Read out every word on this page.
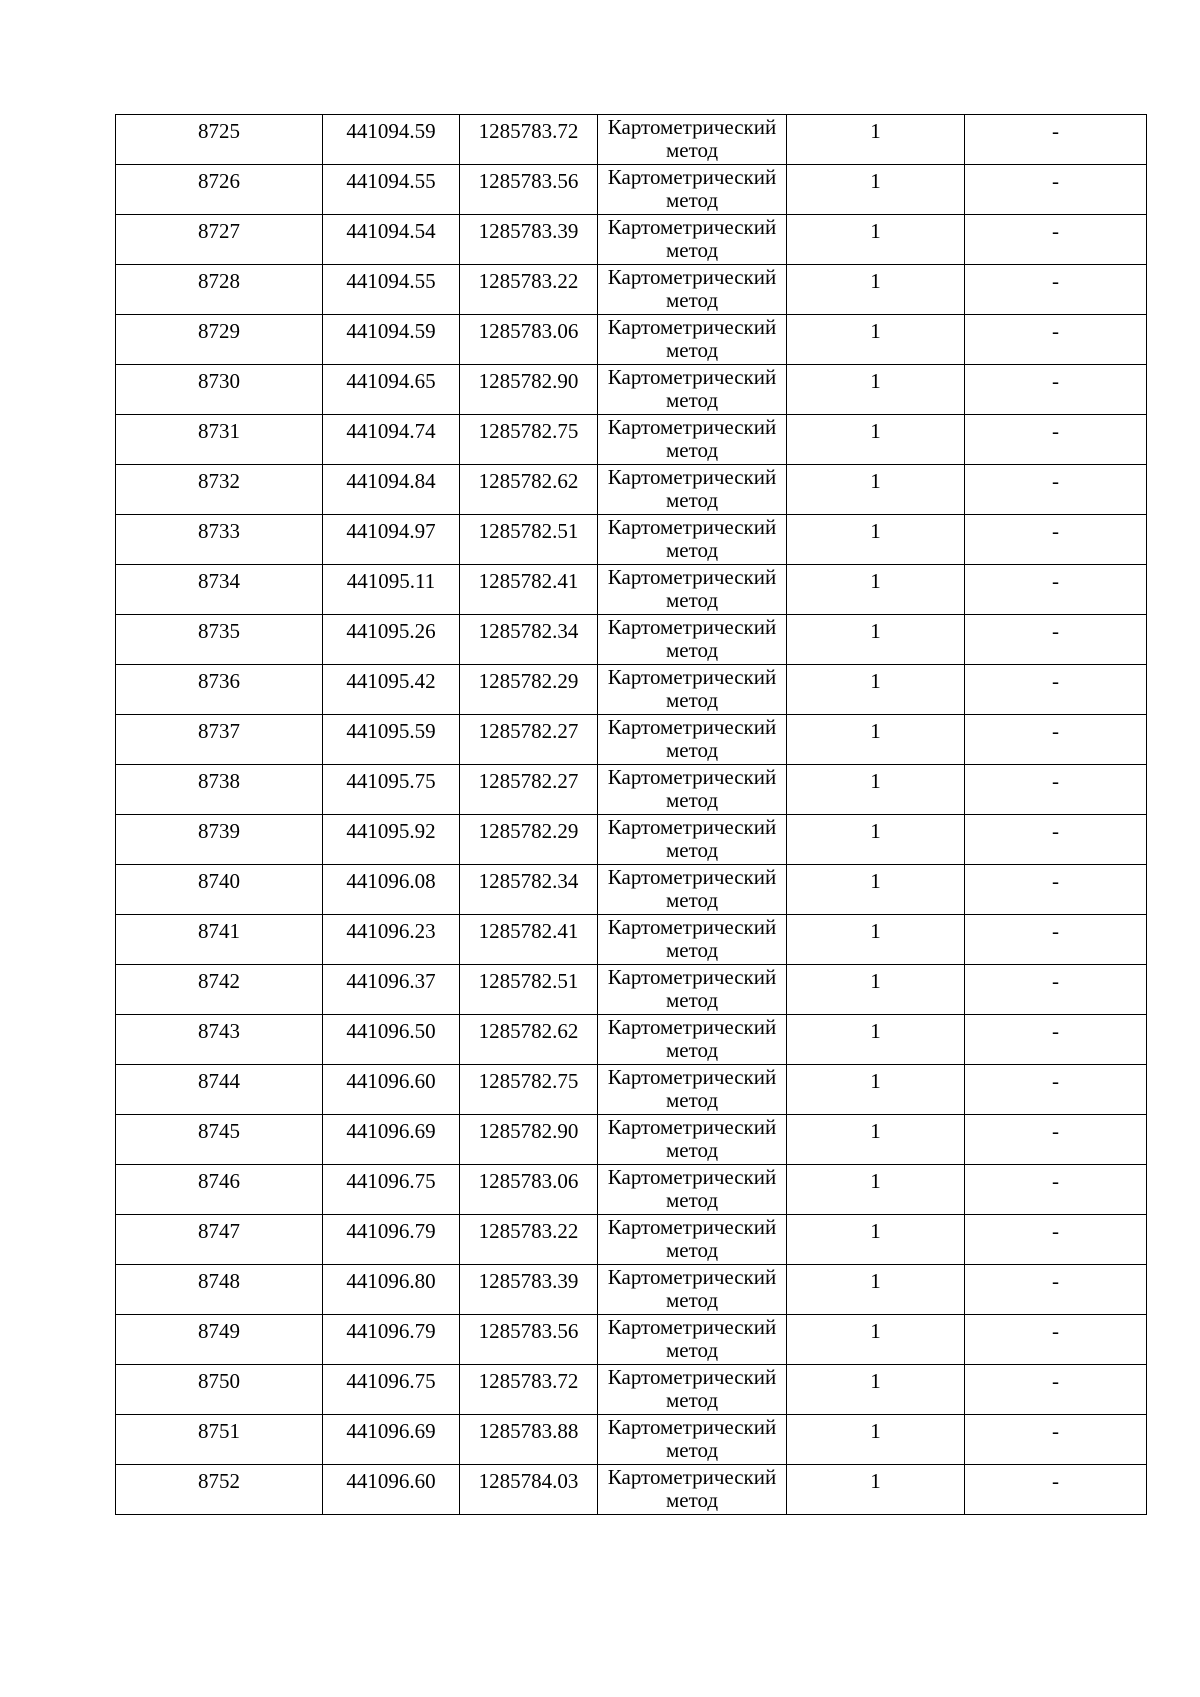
8725	441094.59	1285783.72	Картометрический
метод	1	-

8726	441094.55	1285783.56	Картометрический
метод	1	-

8727	441094.54	1285783.39	Картометрический
метод	1	-

8728	441094.55	1285783.22	Картометрический
метод	1	-

8729	441094.59	1285783.06	Картометрический
метод	1	-

8730	441094.65	1285782.90	Картометрический
метод	1	-

8731	441094.74	1285782.75	Картометрический
метод	1	-

8732	441094.84	1285782.62	Картометрический
метод	1	-

8733	441094.97	1285782.51	Картометрический
метод	1	-

8734	441095.11	1285782.41	Картометрический
метод	1	-

8735	441095.26	1285782.34	Картометрический
метод	1	-

8736	441095.42	1285782.29	Картометрический
метод	1	-

8737	441095.59	1285782.27	Картометрический
метод	1	-

8738	441095.75	1285782.27	Картометрический
метод	1	-

8739	441095.92	1285782.29	Картометрический
метод	1	-

8740	441096.08	1285782.34	Картометрический
метод	1	-

8741	441096.23	1285782.41	Картометрический
метод	1	-

8742	441096.37	1285782.51	Картометрический
метод	1	-

8743	441096.50	1285782.62	Картометрический
метод	1	-

8744	441096.60	1285782.75	Картометрический
метод	1	-

8745	441096.69	1285782.90	Картометрический
метод	1	-

8746	441096.75	1285783.06	Картометрический
метод	1	-

8747	441096.79	1285783.22	Картометрический
метод	1	-

8748	441096.80	1285783.39	Картометрический
метод	1	-

8749	441096.79	1285783.56	Картометрический
метод	1	-

8750	441096.75	1285783.72	Картометрический
метод	1	-

8751	441096.69	1285783.88	Картометрический
метод	1	-

8752	441096.60	1285784.03	Картометрический
метод	1	-
